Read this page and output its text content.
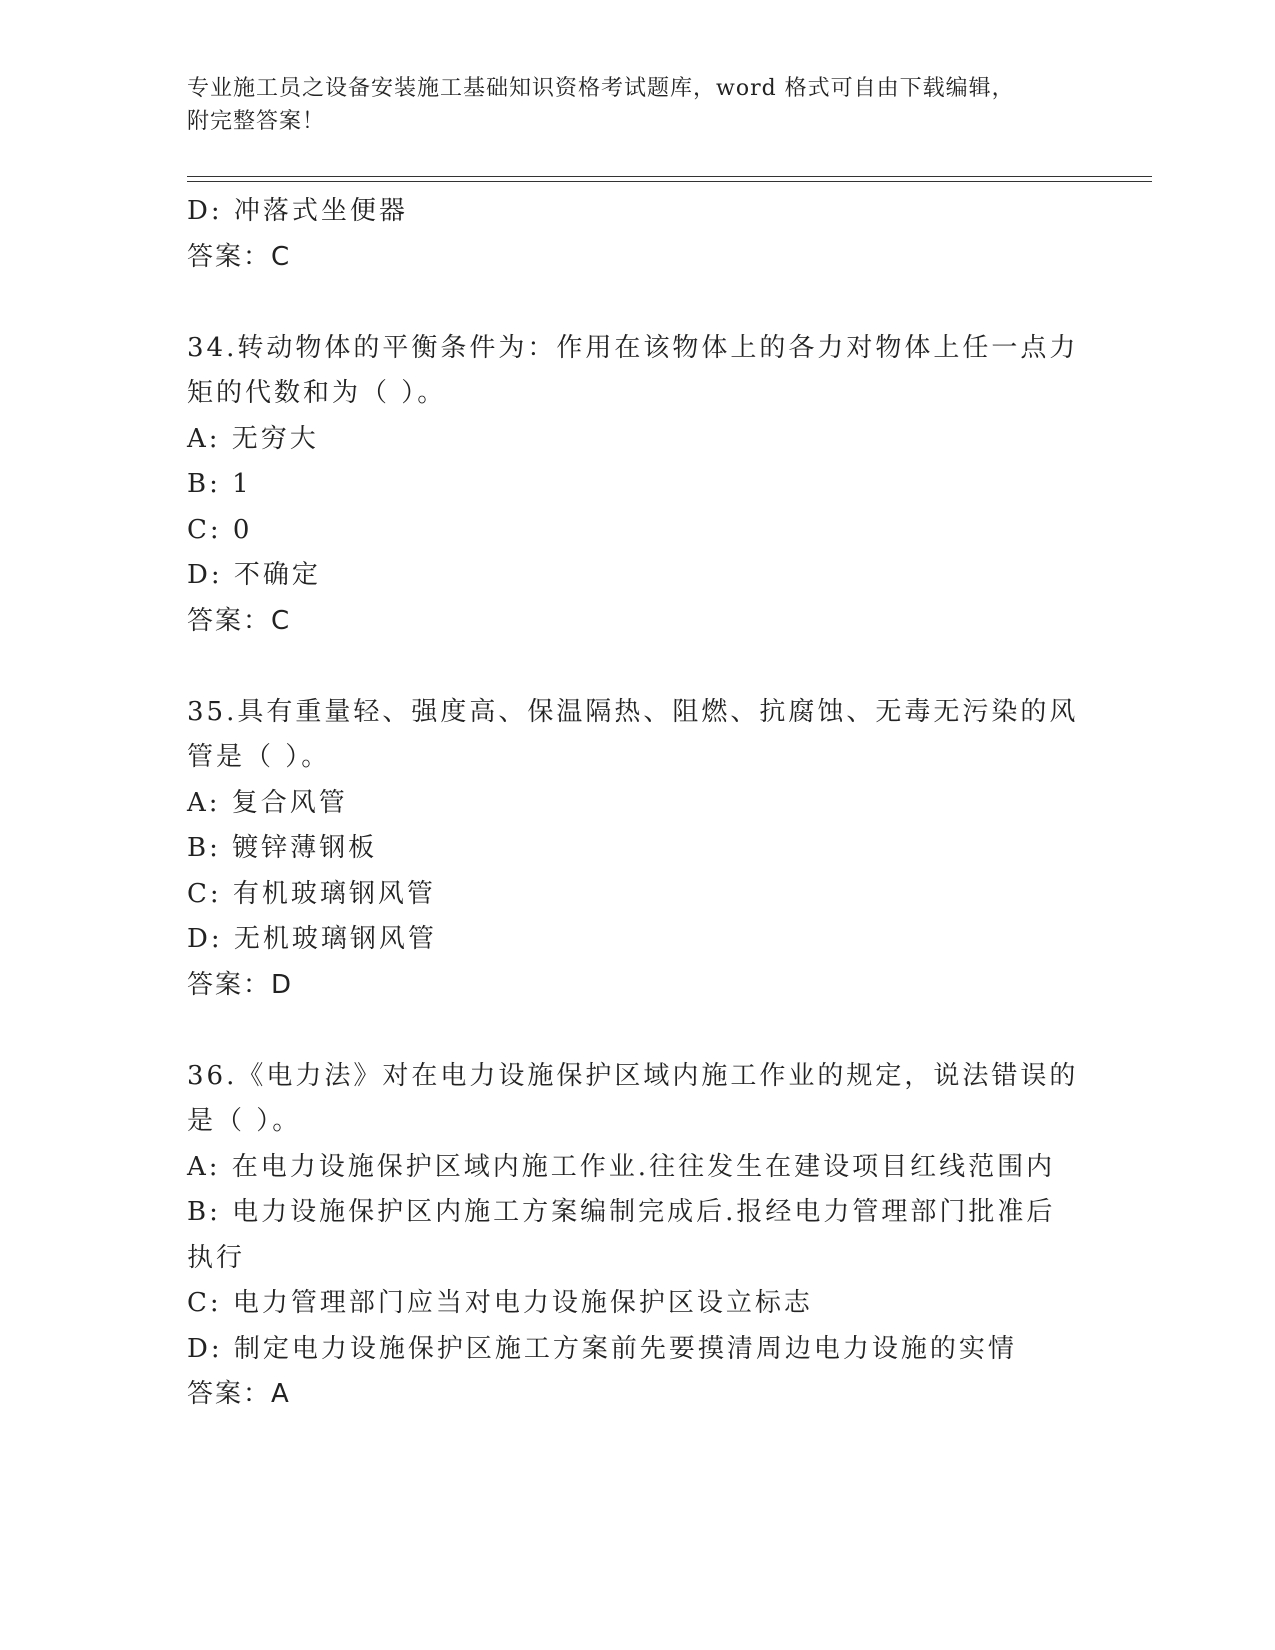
专业施工员之设备安装施工基础知识资格考试题库，word 格式可自由下载编辑，
附完整答案！
D: 冲落式坐便器
答案：C
34.转动物体的平衡条件为：作用在该物体上的各力对物体上任一点力
矩的代数和为（ ）。
A: 无穷大
B: 1
C: 0
D: 不确定
答案：C
35.具有重量轻、强度高、保温隔热、阻燃、抗腐蚀、无毒无污染的风
管是（ ）。
A: 复合风管
B: 镀锌薄钢板
C: 有机玻璃钢风管
D: 无机玻璃钢风管
答案：D
36.《电力法》对在电力设施保护区域内施工作业的规定，说法错误的
是（ ）。
A: 在电力设施保护区域内施工作业.往往发生在建设项目红线范围内
B: 电力设施保护区内施工方案编制完成后.报经电力管理部门批准后
执行
C: 电力管理部门应当对电力设施保护区设立标志
D: 制定电力设施保护区施工方案前先要摸清周边电力设施的实情
答案：A
